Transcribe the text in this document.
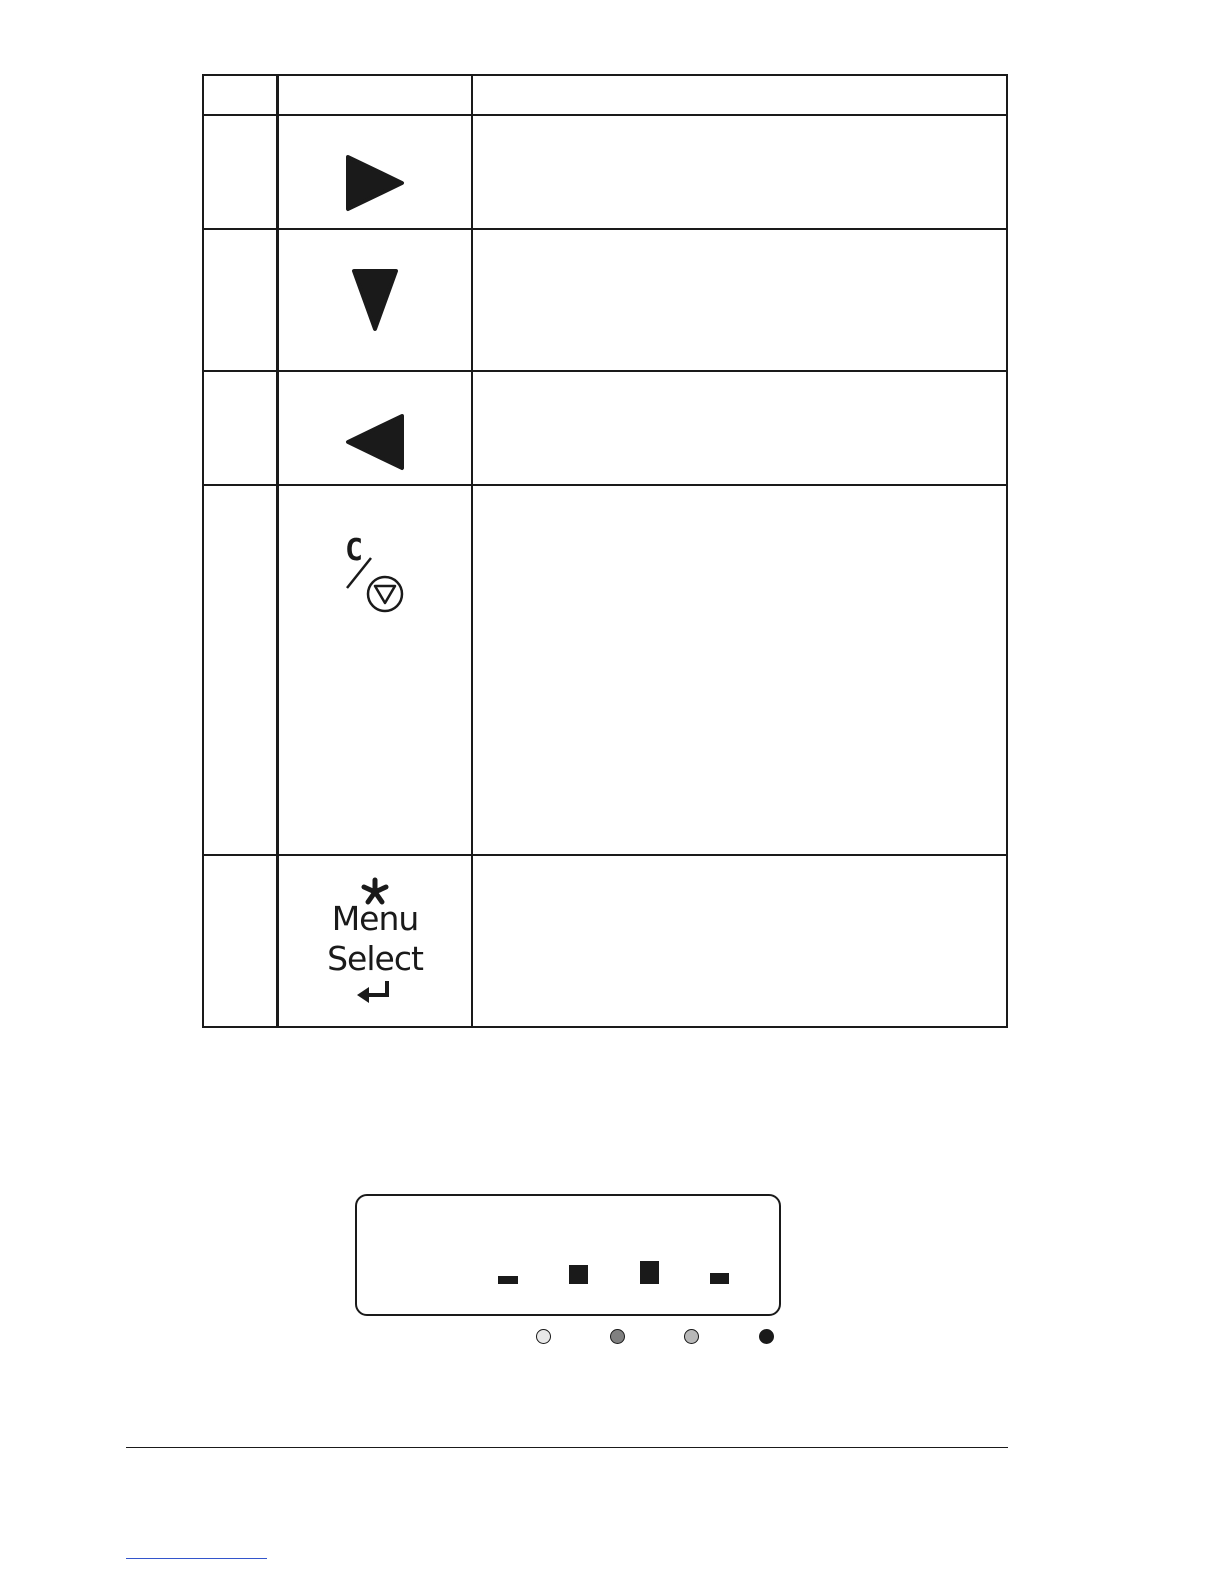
C	

	Menu
Select	
